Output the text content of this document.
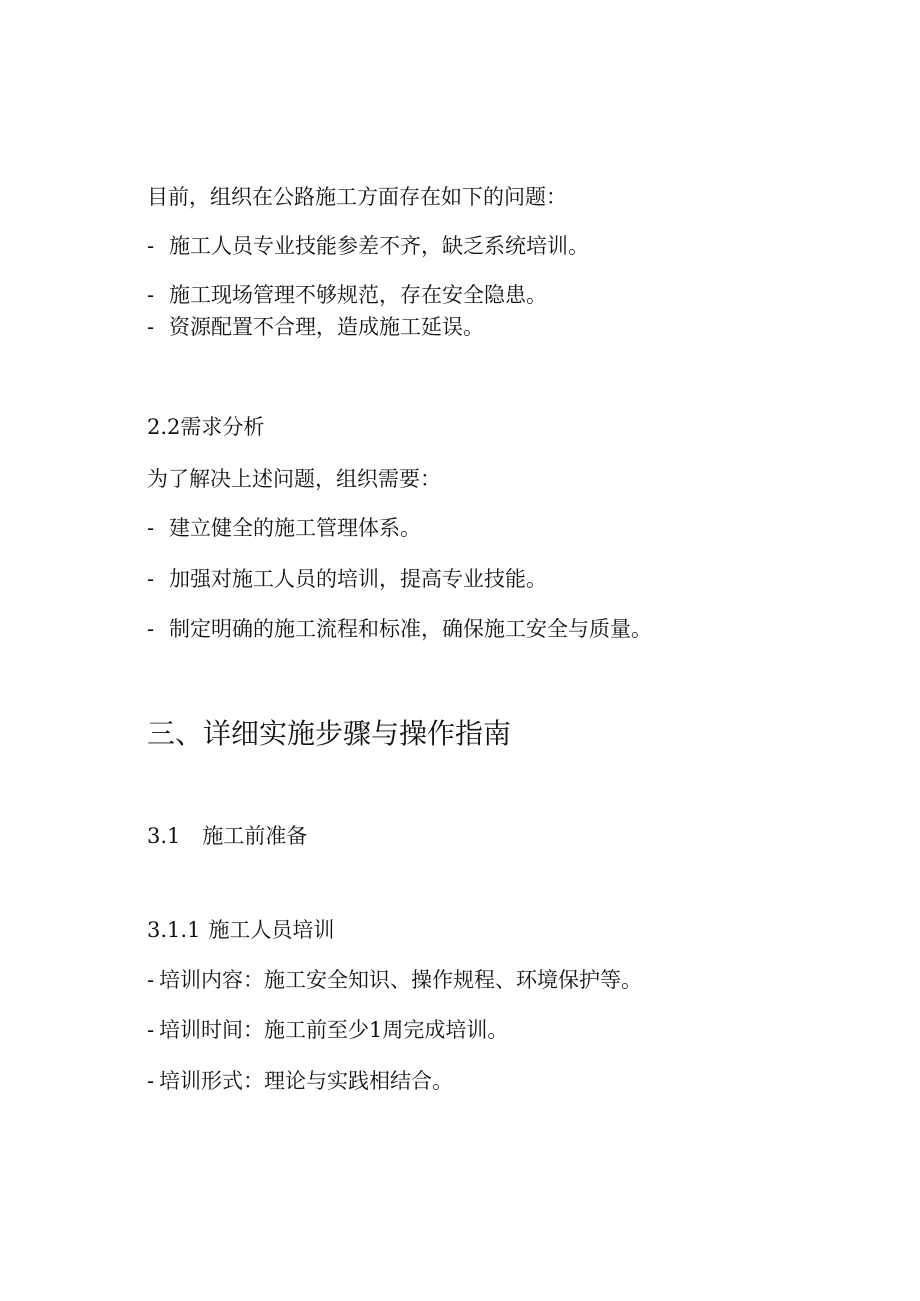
目前，组织在公路施工方面存在如下的问题：
- 施工人员专业技能参差不齐，缺乏系统培训。
- 施工现场管理不够规范，存在安全隐患。
- 资源配置不合理，造成施工延误。
2.2需求分析
为了解决上述问题，组织需要：
- 建立健全的施工管理体系。
- 加强对施工人员的培训，提高专业技能。
- 制定明确的施工流程和标准，确保施工安全与质量。
三、详细实施步骤与操作指南
3.1 施工前准备
3.1.1 施工人员培训
- 培训内容：施工安全知识、操作规程、环境保护等。
- 培训时间：施工前至少1周完成培训。
- 培训形式：理论与实践相结合。
